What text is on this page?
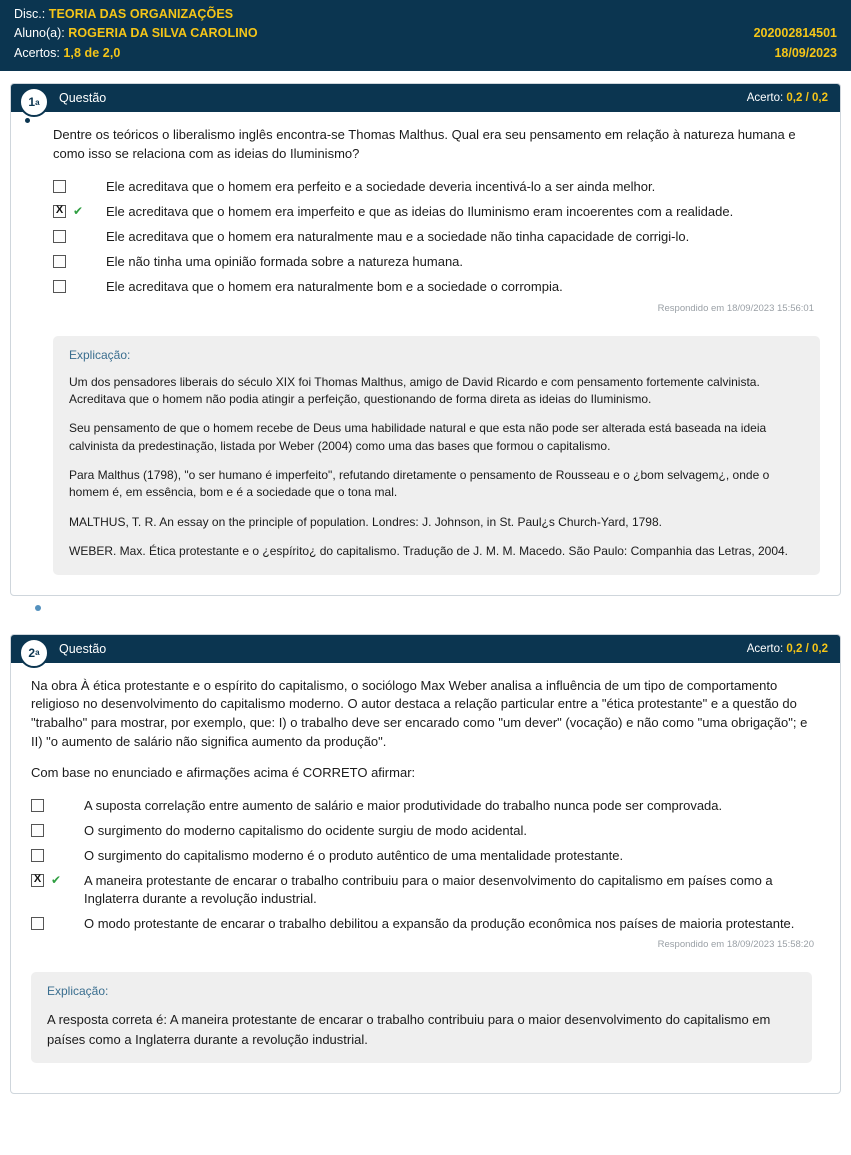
Disc.: TEORIA DAS ORGANIZAÇÕES
Aluno(a): ROGERIA DA SILVA CAROLINO	202002814501
Acertos: 1,8 de 2,0	18/09/2023
1 a Questão	Acerto: 0,2 / 0,2

Dentre os teóricos o liberalismo inglês encontra-se Thomas Malthus. Qual era seu pensamento em relação à natureza humana e como isso se relaciona com as ideias do Iluminismo?

Ele acreditava que o homem era perfeito e a sociedade deveria incentivá-lo a ser ainda melhor.
X
✔ Ele acreditava que o homem era imperfeito e que as ideias do Iluminismo eram incoerentes com a realidade.
Ele acreditava que o homem era naturalmente mau e a sociedade não tinha capacidade de corrigi-lo.
Ele não tinha uma opinião formada sobre a natureza humana.
Ele acreditava que o homem era naturalmente bom e a sociedade o corrompia.
Respondido em 18/09/2023 15:56:01
Explicação:

Um dos pensadores liberais do século XIX foi Thomas Malthus, amigo de David Ricardo e com pensamento fortemente calvinista. Acreditava que o homem não podia atingir a perfeição, questionando de forma direta as ideias do Iluminismo.

Seu pensamento de que o homem recebe de Deus uma habilidade natural e que esta não pode ser alterada está baseada na ideia calvinista da predestinação, listada por Weber (2004) como uma das bases que formou o capitalismo.

Para Malthus (1798), "o ser humano é imperfeito", refutando diretamente o pensamento de Rousseau e o ¿bom selvagem¿, onde o homem é, em essência, bom e é a sociedade que o tona mal.

MALTHUS, T. R. An essay on the principle of population. Londres: J. Johnson, in St. Paul¿s Church-Yard, 1798.

WEBER. Max. Ética protestante e o ¿espírito¿ do capitalismo. Tradução de J. M. M. Macedo. São Paulo: Companhia das Letras, 2004.

2 a Questão	Acerto: 0,2 / 0,2

Na obra À ética protestante e o espírito do capitalismo, o sociólogo Max Weber analisa a influência de um tipo de comportamento religioso no desenvolvimento do capitalismo moderno. O autor destaca a relação particular entre a "ética protestante" e a questão do "trabalho" para mostrar, por exemplo, que: I) o trabalho deve ser encarado como "um dever" (vocação) e não como "uma obrigação"; e II) "o aumento de salário não significa aumento da produção".

Com base no enunciado e afirmações acima é CORRETO afirmar:

A suposta correlação entre aumento de salário e maior produtividade do trabalho nunca pode ser comprovada.
O surgimento do moderno capitalismo do ocidente surgiu de modo acidental.
O surgimento do capitalismo moderno é o produto autêntico de uma mentalidade protestante.
X
✔ A maneira protestante de encarar o trabalho contribuiu para o maior desenvolvimento do capitalismo em países como a Inglaterra durante a revolução industrial.
O modo protestante de encarar o trabalho debilitou a expansão da produção econômica nos países de maioria protestante.
Respondido em 18/09/2023 15:58:20
Explicação:

A resposta correta é: A maneira protestante de encarar o trabalho contribuiu para o maior desenvolvimento do capitalismo em países como a Inglaterra durante a revolução industrial.
